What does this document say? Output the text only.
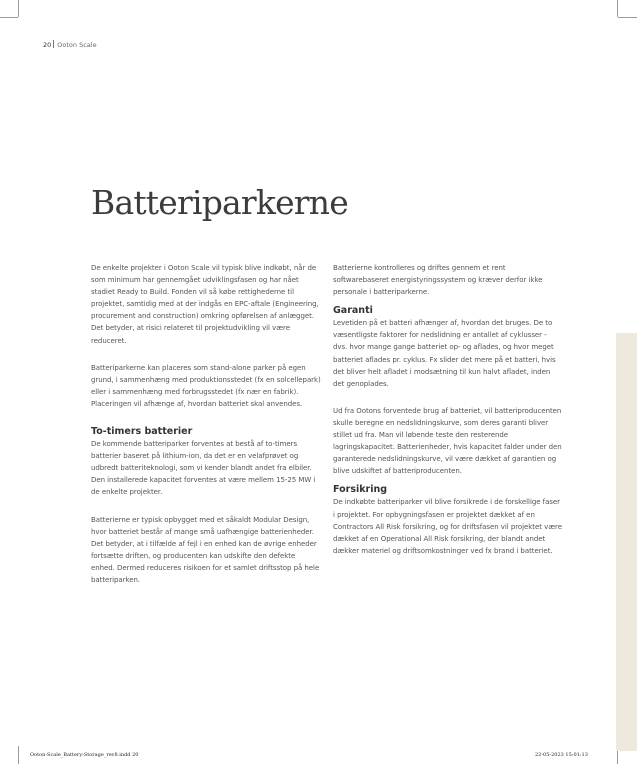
20 Ooton Scale
Batteriparkerne

De enkelte projekter i Ooton Scale vil typisk blive indkøbt, når de som minimum har gennemgået udviklingsfasen og har nået stadiet Ready to Build. Fonden vil så købe rettighederne til projektet, samtidig med at der indgås en EPC-aftale (Engineering, procurement and construction) omkring opførelsen af anlægget. Det betyder, at risici relateret til projektudvikling vil være reduceret.

Batteriparkerne kan placeres som stand-alone parker på egen grund, i sammenhæng med produktionsstedet (fx en solcellepark) eller i sammenhæng med forbrugsstedet (fx nær en fabrik). Placeringen vil afhænge af, hvordan batteriet skal anvendes.

To-timers batterier

De kommende batteriparker forventes at bestå af to-timers batterier baseret på lithium-ion, da det er en velafprøvet og udbredt batteriteknologi, som vi kender blandt andet fra elbiler. Den installerede kapacitet forventes at være mellem 15-25 MW i de enkelte projekter.

Batterierne er typisk opbygget med et såkaldt Modular Design, hvor batteriet består af mange små uafhængige batterienheder. Det betyder, at i tilfælde af fejl i en enhed kan de øvrige enheder fortsætte driften, og producenten kan udskifte den defekte enhed. Dermed reduceres risikoen for et samlet driftsstop på hele batteriparken.

Batterierne kontrolleres og driftes gennem et rent softwarebaseret energistyringssystem og kræver derfor ikke personale i batteriparkerne.

Garanti

Levetiden på et batteri afhænger af, hvordan det bruges. De to væsentligste faktorer for nedslidning er antallet af cyklusser - dvs. hvor mange gange batteriet op- og aflades, og hvor meget batteriet aflades pr. cyklus. Fx slider det mere på et batteri, hvis det bliver helt afladet i modsætning til kun halvt afladet, inden det genoplades.

Ud fra Ootons forventede brug af batteriet, vil batteriproducenten skulle beregne en nedslidningskurve, som deres garanti bliver stillet ud fra. Man vil løbende teste den resterende lagringskapacitet. Batterienheder, hvis kapacitet falder under den garanterede nedslidningskurve, vil være dækket af garantien og blive udskiftet af batteriproducenten.

Forsikring

De indkøbte batteriparker vil blive forsikrede i de forskellige faser i projektet. For opbygningsfasen er projektet dækket af en Contractors All Risk forsikring, og for driftsfasen vil projektet være dækket af en Operational All Risk forsikring, der blandt andet dækker materiel og driftsomkostninger ved fx brand i batteriet.

Ooton-Scale_Battery-Storage_rev8.indd 20	22-05-2023 15:01:13
